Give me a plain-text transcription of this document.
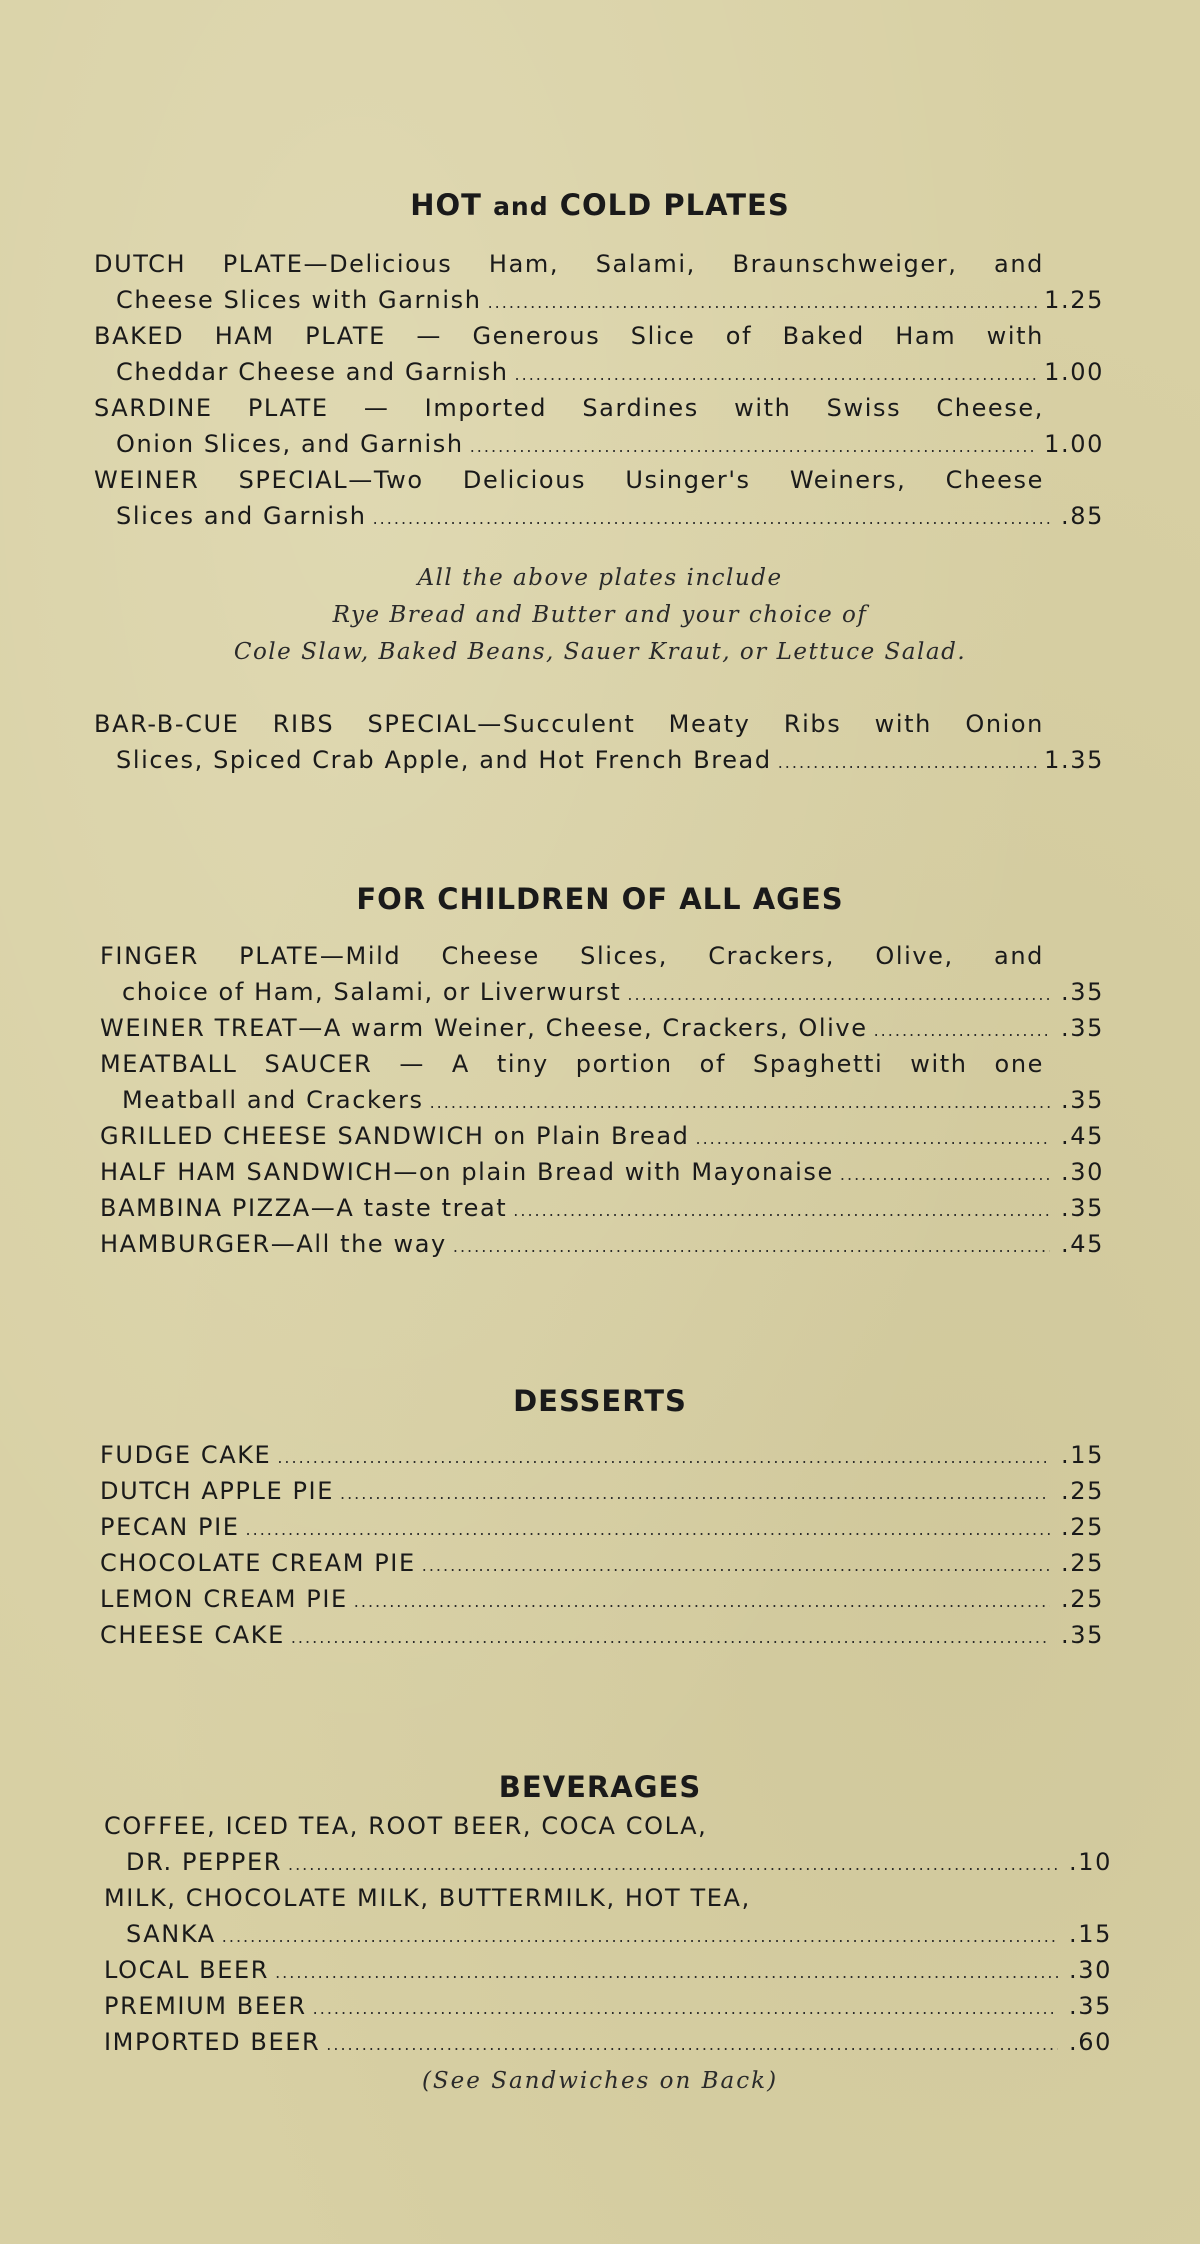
HOT and COLD PLATES
DUTCH PLATE—Delicious Ham, Salami, Braunschweiger, and
Cheese Slices with Garnish .....	1.25
BAKED HAM PLATE — Generous Slice of Baked Ham with
Cheddar Cheese and Garnish .....	1.00
SARDINE PLATE — Imported Sardines with Swiss Cheese,
Onion Slices, and Garnish .....	1.00
WEINER SPECIAL—Two Delicious Usinger's Weiners, Cheese
Slices and Garnish .....	.85
All the above plates include
Rye Bread and Butter and your choice of
Cole Slaw, Baked Beans, Sauer Kraut, or Lettuce Salad.
BAR-B-CUE RIBS SPECIAL—Succulent Meaty Ribs with Onion
Slices, Spiced Crab Apple, and Hot French Bread .....	1.35
FOR CHILDREN OF ALL AGES
FINGER PLATE—Mild Cheese Slices, Crackers, Olive, and
choice of Ham, Salami, or Liverwurst .....	.35
WEINER TREAT—A warm Weiner, Cheese, Crackers, Olive .....	.35
MEATBALL SAUCER — A tiny portion of Spaghetti with one
Meatball and Crackers .....	.35
GRILLED CHEESE SANDWICH on Plain Bread .....	.45
HALF HAM SANDWICH—on plain Bread with Mayonaise .....	.30
BAMBINA PIZZA—A taste treat .....	.35
HAMBURGER—All the way .....	.45
DESSERTS
FUDGE CAKE .....	.15
DUTCH APPLE PIE .....	.25
PECAN PIE .....	.25
CHOCOLATE CREAM PIE .....	.25
LEMON CREAM PIE .....	.25
CHEESE CAKE .....	.35
BEVERAGES
COFFEE, ICED TEA, ROOT BEER, COCA COLA,
DR. PEPPER .....	.10
MILK, CHOCOLATE MILK, BUTTERMILK, HOT TEA,
SANKA .....	.15
LOCAL BEER .....	.30
PREMIUM BEER .....	.35
IMPORTED BEER .....	.60
(See Sandwiches on Back)
